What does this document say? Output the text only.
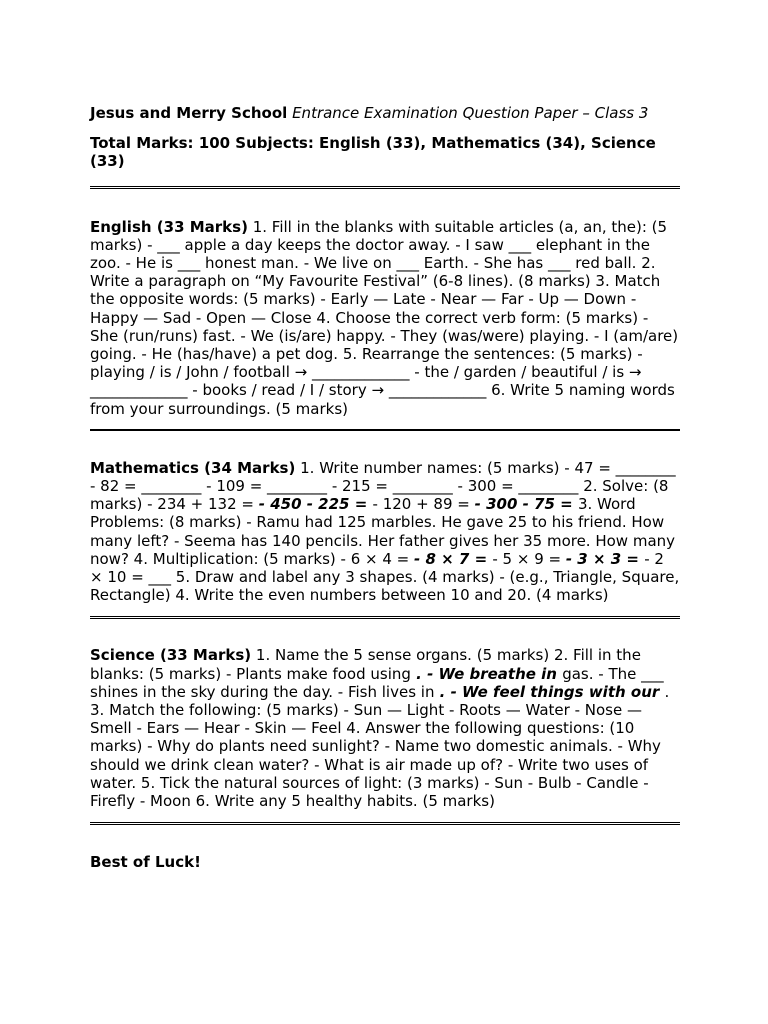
Jesus and Merry School Entrance Examination Question Paper – Class 3

Total Marks: 100 Subjects: English (33), Mathematics (34), Science (33)

English (33 Marks) 1. Fill in the blanks with suitable articles (a, an, the): (5 marks) - ___ apple a day keeps the doctor away. - I saw ___ elephant in the zoo. - He is ___ honest man. - We live on ___ Earth. - She has ___ red ball. 2. Write a paragraph on “My Favourite Festival” (6-8 lines). (8 marks) 3. Match the opposite words: (5 marks) - Early — Late - Near — Far - Up — Down - Happy — Sad - Open — Close 4. Choose the correct verb form: (5 marks) - She (run/runs) fast. - We (is/are) happy. - They (was/were) playing. - I (am/are) going. - He (has/have) a pet dog. 5. Rearrange the sentences: (5 marks) - playing / is / John / football → _____________ - the / garden / beautiful / is → _____________ - books / read / I / story → _____________ 6. Write 5 naming words from your surroundings. (5 marks)

Mathematics (34 Marks) 1. Write number names: (5 marks) - 47 = ________ - 82 = ________ - 109 = ________ - 215 = ________ - 300 = ________ 2. Solve: (8 marks) - 234 + 132 = - 450 - 225 = - 120 + 89 = - 300 - 75 = 3. Word Problems: (8 marks) - Ramu had 125 marbles. He gave 25 to his friend. How many left? - Seema has 140 pencils. Her father gives her 35 more. How many now? 4. Multiplication: (5 marks) - 6 × 4 = - 8 × 7 = - 5 × 9 = - 3 × 3 = - 2 × 10 = ___ 5. Draw and label any 3 shapes. (4 marks) - (e.g., Triangle, Square, Rectangle) 4. Write the even numbers between 10 and 20. (4 marks)

Science (33 Marks) 1. Name the 5 sense organs. (5 marks) 2. Fill in the blanks: (5 marks) - Plants make food using . - We breathe in gas. - The ___ shines in the sky during the day. - Fish lives in . - We feel things with our . 3. Match the following: (5 marks) - Sun — Light - Roots — Water - Nose — Smell - Ears — Hear - Skin — Feel 4. Answer the following questions: (10 marks) - Why do plants need sunlight? - Name two domestic animals. - Why should we drink clean water? - What is air made up of? - Write two uses of water. 5. Tick the natural sources of light: (3 marks) - Sun - Bulb - Candle - Firefly - Moon 6. Write any 5 healthy habits. (5 marks)

Best of Luck!
